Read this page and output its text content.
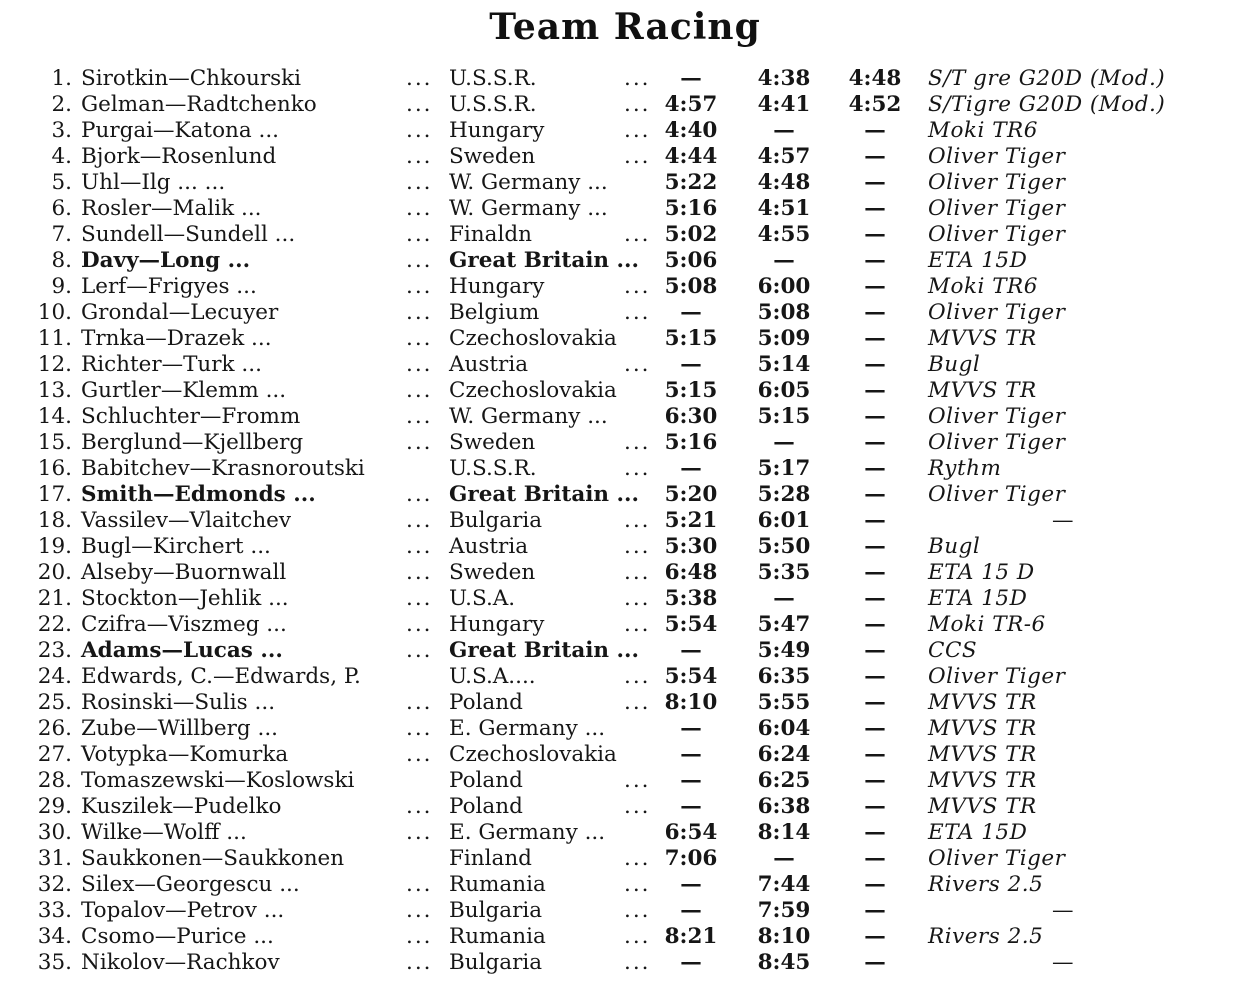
Team Racing
1. Sirotkin—Chkourski	... U.S.S.R.	...	—	4:38	4:48	S/T gre G20D (Mod.)
2. Gelman—Radtchenko	... U.S.S.R.	... 4:57	4:41	4:52	S/Tigre G20D (Mod.)
3. Purgai—Katona ...	... Hungary	... 4:40	—	—	Moki TR6
4. Bjork—Rosenlund	... Sweden	... 4:44	4:57	—	Oliver Tiger
5. Uhl—Ilg ... ...	... W. Germany ...	5:22	4:48	—	Oliver Tiger
6. Rosler—Malik ...	... W. Germany ...	5:16	4:51	—	Oliver Tiger
7. Sundell—Sundell ...	... Finaldn	... 5:02	4:55	—	Oliver Tiger
8. Davy—Long ...	... Great Britain ...	5:06	—	—	ETA 15D
9. Lerf—Frigyes ...	... Hungary	... 5:08	6:00	—	Moki TR6
10. Grondal—Lecuyer	... Belgium	...	—	5:08	—	Oliver Tiger
11. Trnka—Drazek ...	... Czechoslovakia	5:15	5:09	—	MVVS TR
12. Richter—Turk ...	... Austria	...	—	5:14	—	Bugl
13. Gurtler—Klemm ...	... Czechoslovakia	5:15	6:05	—	MVVS TR
14. Schluchter—Fromm	... W. Germany ...	6:30	5:15	—	Oliver Tiger
15. Berglund—Kjellberg	... Sweden	... 5:16	—	—	Oliver Tiger
16. Babitchev—Krasnoroutski	U.S.S.R.	...	—	5:17	—	Rythm
17. Smith—Edmonds ...	... Great Britain ...	5:20	5:28	—	Oliver Tiger
18. Vassilev—Vlaitchev	... Bulgaria	... 5:21	6:01	—	—
19. Bugl—Kirchert ...	... Austria	... 5:30	5:50	—	Bugl
20. Alseby—Buornwall	... Sweden	... 6:48	5:35	—	ETA 15 D
21. Stockton—Jehlik ...	... U.S.A.	... 5:38	—	—	ETA 15D
22. Czifra—Viszmeg ...	... Hungary	... 5:54	5:47	—	Moki TR-6
23. Adams—Lucas ...	... Great Britain ...	—	5:49	—	CCS
24. Edwards, C.—Edwards, P.	U.S.A....	... 5:54	6:35	—	Oliver Tiger
25. Rosinski—Sulis ...	... Poland	... 8:10	5:55	—	MVVS TR
26. Zube—Willberg ...	... E. Germany ...	—	6:04	—	MVVS TR
27. Votypka—Komurka	... Czechoslovakia	—	6:24	—	MVVS TR
28. Tomaszewski—Koslowski	Poland	...	—	6:25	—	MVVS TR
29. Kuszilek—Pudelko	... Poland	...	—	6:38	—	MVVS TR
30. Wilke—Wolff ...	... E. Germany ...	6:54	8:14	—	ETA 15D
31. Saukkonen—Saukkonen	Finland	... 7:06	—	—	Oliver Tiger
32. Silex—Georgescu ...	... Rumania	...	—	7:44	—	Rivers 2.5
33. Topalov—Petrov ...	... Bulgaria	...	—	7:59	—	—
34. Csomo—Purice ...	... Rumania	... 8:21	8:10	—	Rivers 2.5
35. Nikolov—Rachkov	... Bulgaria	...	—	8:45	—	—
